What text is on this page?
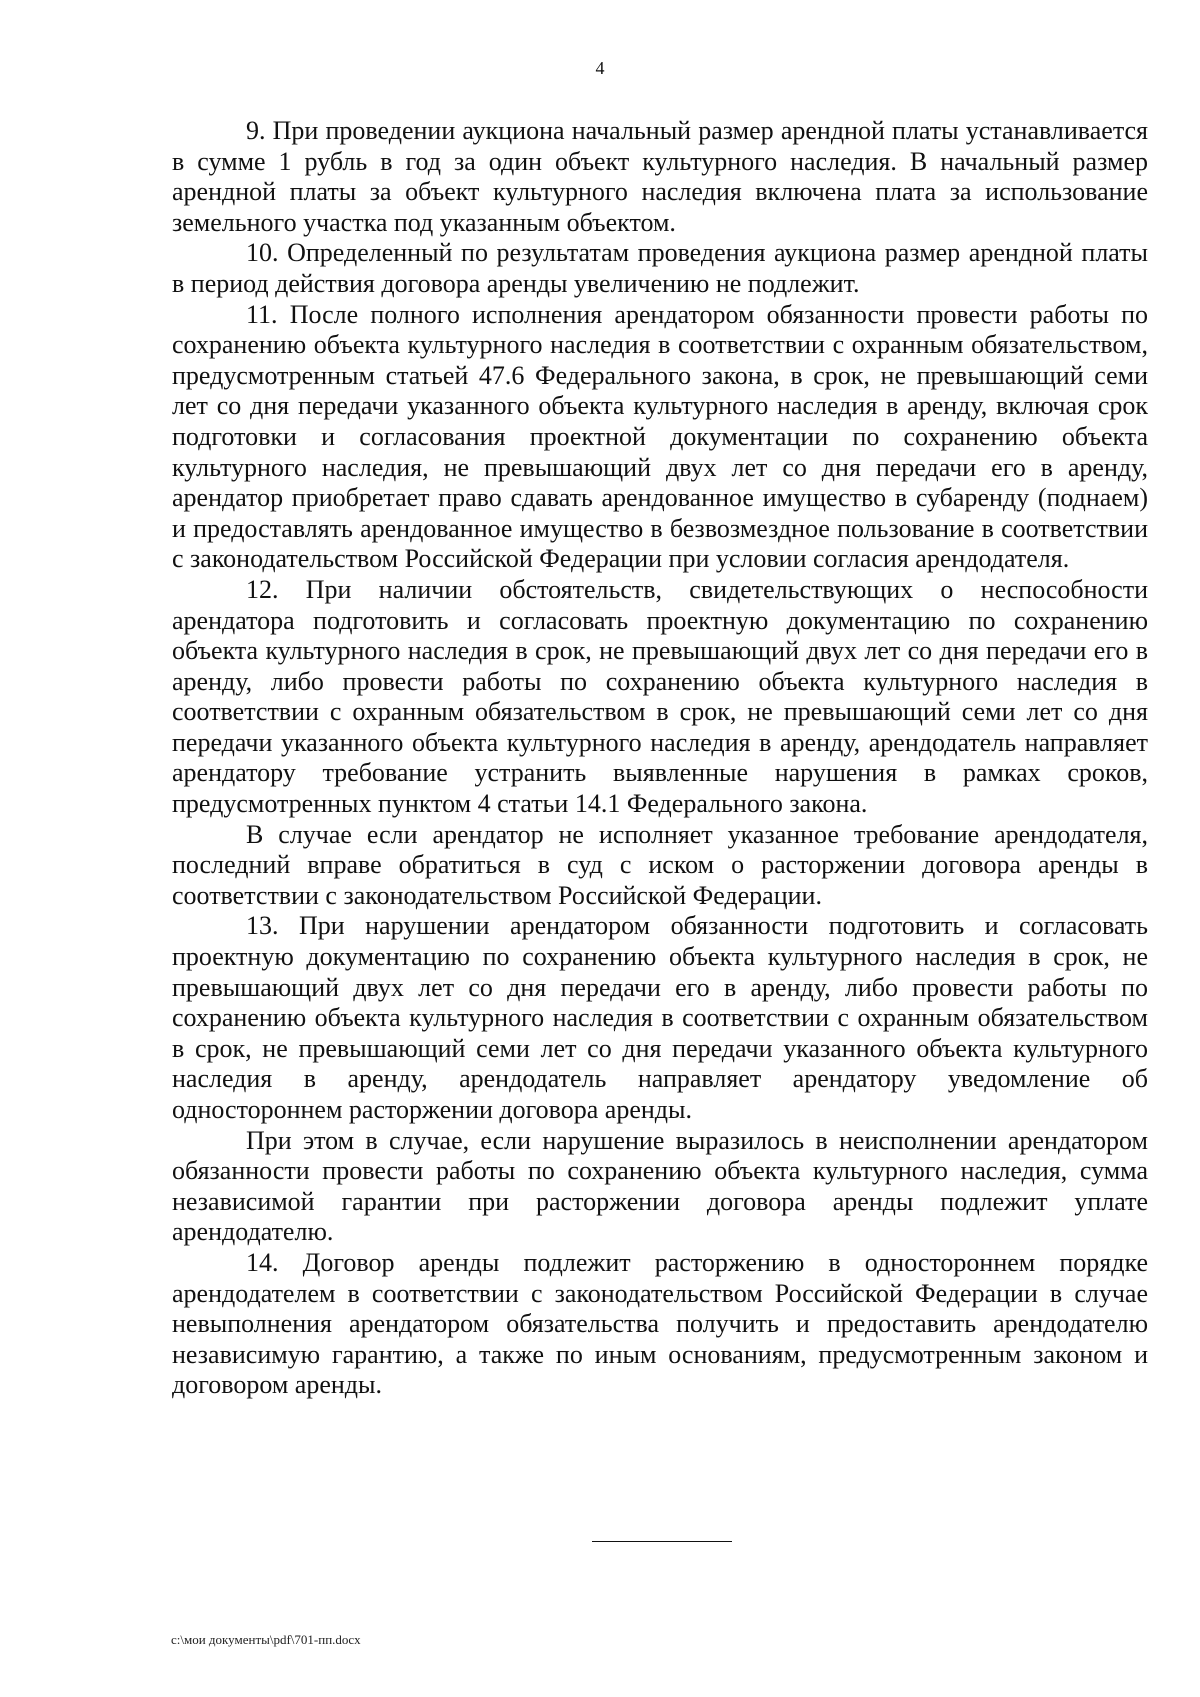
4

9. При проведении аукциона начальный размер арендной платы устанавливается в сумме 1 рубль в год за один объект культурного наследия. В начальный размер арендной платы за объект культурного наследия включена плата за использование земельного участка под указанным объектом.

10. Определенный по результатам проведения аукциона размер арендной платы в период действия договора аренды увеличению не подлежит.

11. После полного исполнения арендатором обязанности провести работы по сохранению объекта культурного наследия в соответствии с охранным обязательством, предусмотренным статьей 47.6 Федерального закона, в срок, не превышающий семи лет со дня передачи указанного объекта культурного наследия в аренду, включая срок подготовки и согласования проектной документации по сохранению объекта культурного наследия, не превышающий двух лет со дня передачи его в аренду, арендатор приобретает право сдавать арендованное имущество в субаренду (поднаем) и предоставлять арендованное имущество в безвозмездное пользование в соответствии с законодательством Российской Федерации при условии согласия арендодателя.

12. При наличии обстоятельств, свидетельствующих о неспособности арендатора подготовить и согласовать проектную документацию по сохранению объекта культурного наследия в срок, не превышающий двух лет со дня передачи его в аренду, либо провести работы по сохранению объекта культурного наследия в соответствии с охранным обязательством в срок, не превышающий семи лет со дня передачи указанного объекта культурного наследия в аренду, арендодатель направляет арендатору требование устранить выявленные нарушения в рамках сроков, предусмотренных пунктом 4 статьи 14.1 Федерального закона.

В случае если арендатор не исполняет указанное требование арендодателя, последний вправе обратиться в суд с иском о расторжении договора аренды в соответствии с законодательством Российской Федерации.

13. При нарушении арендатором обязанности подготовить и согласовать проектную документацию по сохранению объекта культурного наследия в срок, не превышающий двух лет со дня передачи его в аренду, либо провести работы по сохранению объекта культурного наследия в соответствии с охранным обязательством в срок, не превышающий семи лет со дня передачи указанного объекта культурного наследия в аренду, арендодатель направляет арендатору уведомление об одностороннем расторжении договора аренды.

При этом в случае, если нарушение выразилось в неисполнении арендатором обязанности провести работы по сохранению объекта культурного наследия, сумма независимой гарантии при расторжении договора аренды подлежит уплате арендодателю.

14. Договор аренды подлежит расторжению в одностороннем порядке арендодателем в соответствии с законодательством Российской Федерации в случае невыполнения арендатором обязательства получить и предоставить арендодателю независимую гарантию, а также по иным основаниям, предусмотренным законом и договором аренды.

c:\мои документы\pdf\701-пп.docx
